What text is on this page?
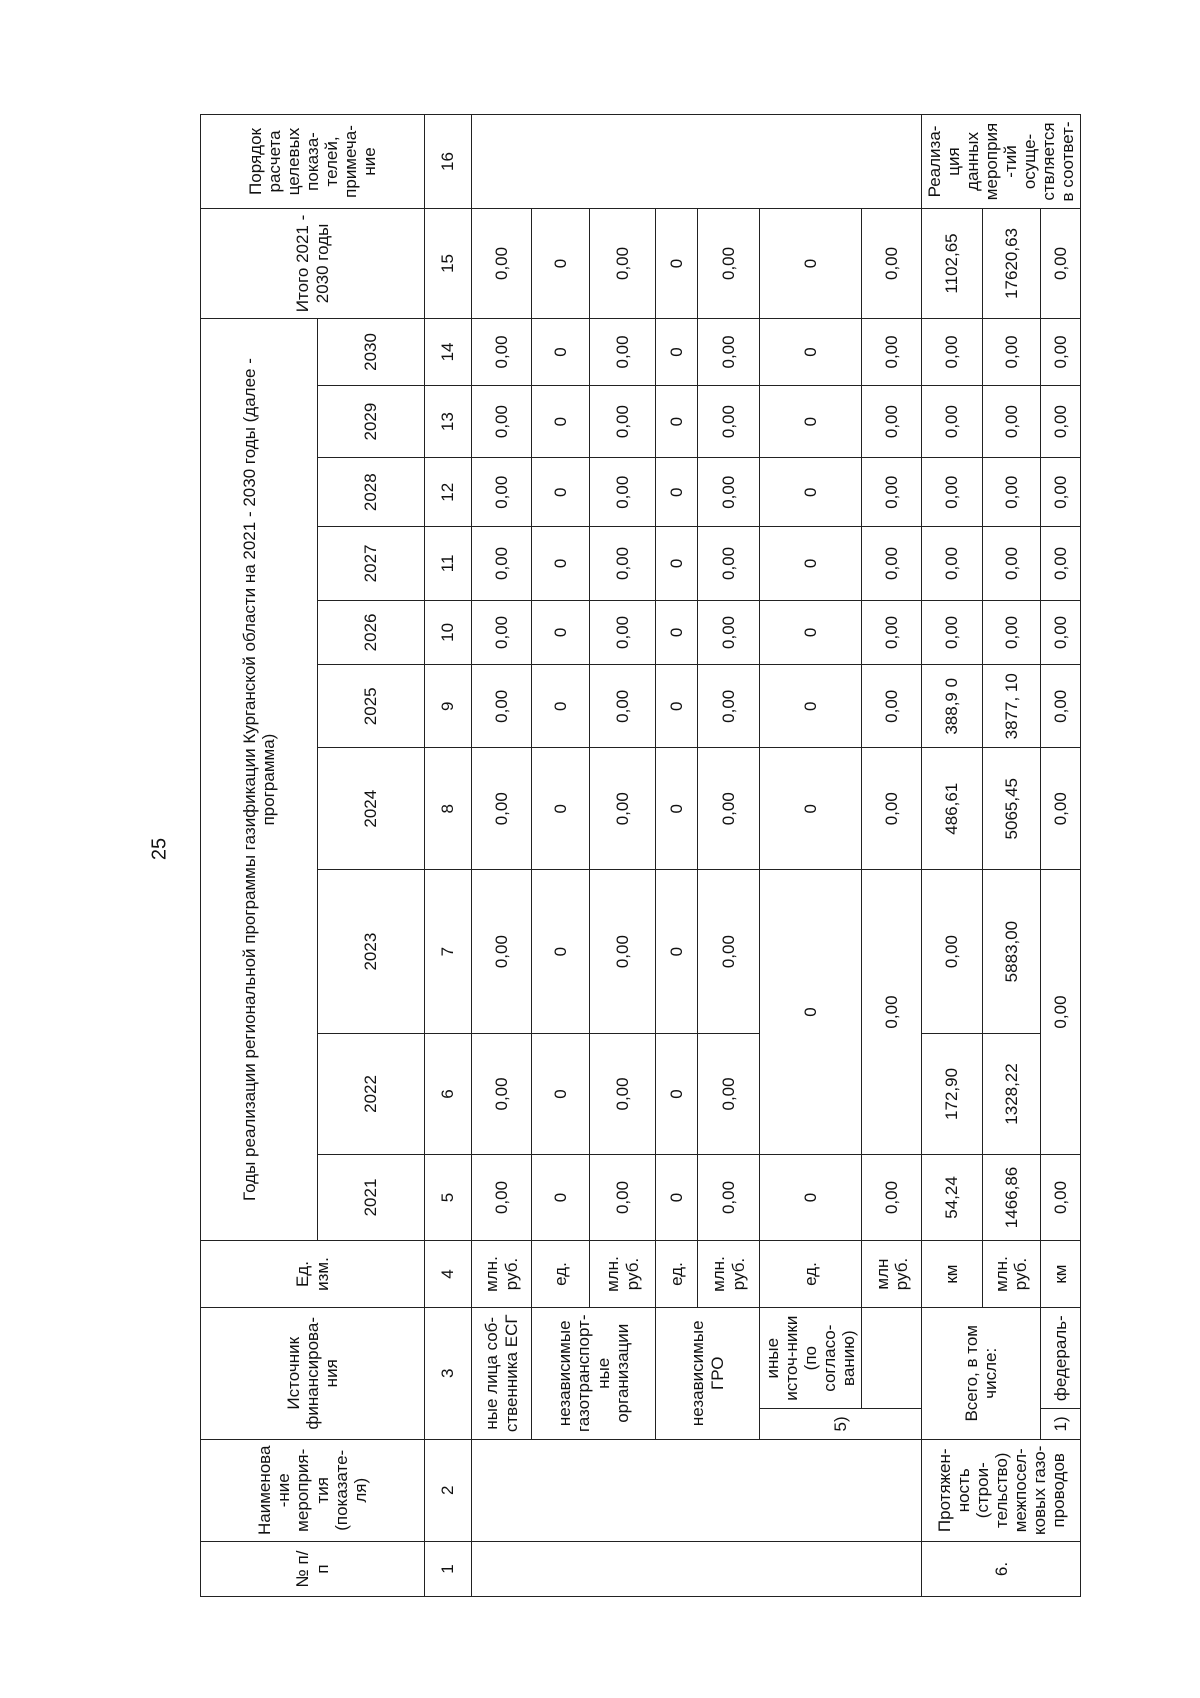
25
№ п/п	Наименова-ние мероприя-тия (показате-ля)	Источник финансирова-ния		Ед. изм.	Годы реализации региональной программы газификации Курганской области на 2021 - 2030 годы (далее - программа)										Итого 2021 - 2030 годы	Порядок расчета целевых показа-телей, примеча-ние
					2021	2022	2023	2024	2025	2026	2027	2028	2029	2030		
1	2	3		4	5	6	7	8	9	10	11	12	13	14	15	16
		ные лица соб-ственника ЕСГ		млн. руб.	0,00	0,00	0,00	0,00	0,00	0,00	0,00	0,00	0,00	0,00	0,00	
		независимые газотранспорт-ные организации		ед.	0	0	0	0	0	0	0	0	0	0	0	
				млн. руб.	0,00	0,00	0,00	0,00	0,00	0,00	0,00	0,00	0,00	0,00	0,00	
		независимые ГРО		ед.	0	0	0	0	0	0	0	0	0	0	0	
				млн. руб.	0,00	0,00	0,00	0,00	0,00	0,00	0,00	0,00	0,00	0,00	0,00	
		5)	иные источ-ники (по согласо-ванию)	ед.	0	0		0	0	0	0	0	0	0	0	
				млн руб.	0,00	0,00		0,00	0,00	0,00	0,00	0,00	0,00	0,00	0,00	
6.	Протяжен-ность (строи-тельство) межпосел-ковых газо-проводов	Всего, в том числе:		км	54,24	172,90	0,00	486,61	388,9 0	0,00	0,00	0,00	0,00	0,00	1102,65	Реализа-ция данных мероприя-тий осуще-ствляется в соответ-
				млн. руб.	1466,86	1328,22	5883,00	5065,45	3877, 10	0,00	0,00	0,00	0,00	0,00	17620,63	
		1)	федераль-	км	0,00	0,00		0,00	0,00	0,00	0,00	0,00	0,00	0,00	0,00	
